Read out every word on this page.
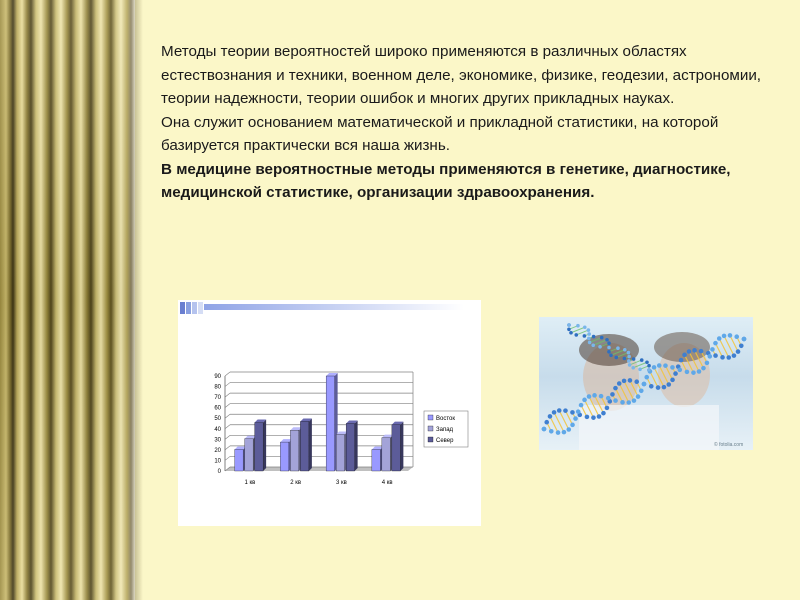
Методы теории вероятностей широко применяются в различных областях естествознания и техники, военном деле, экономике, физике, геодезии, астрономии, теории надежности, теории ошибок и многих других прикладных науках.

Она служит основанием математической и прикладной статистики, на которой базируется практически вся наша жизнь.

В медицине вероятностные методы применяются в генетике, диагностике, медицинской статистике, организации здравоохранения.

0
10
20
30
40
50
60
70
80
90
1 кв	2 кв	3 кв	4 кв
Восток
Запад
Север
© fotolia.com
